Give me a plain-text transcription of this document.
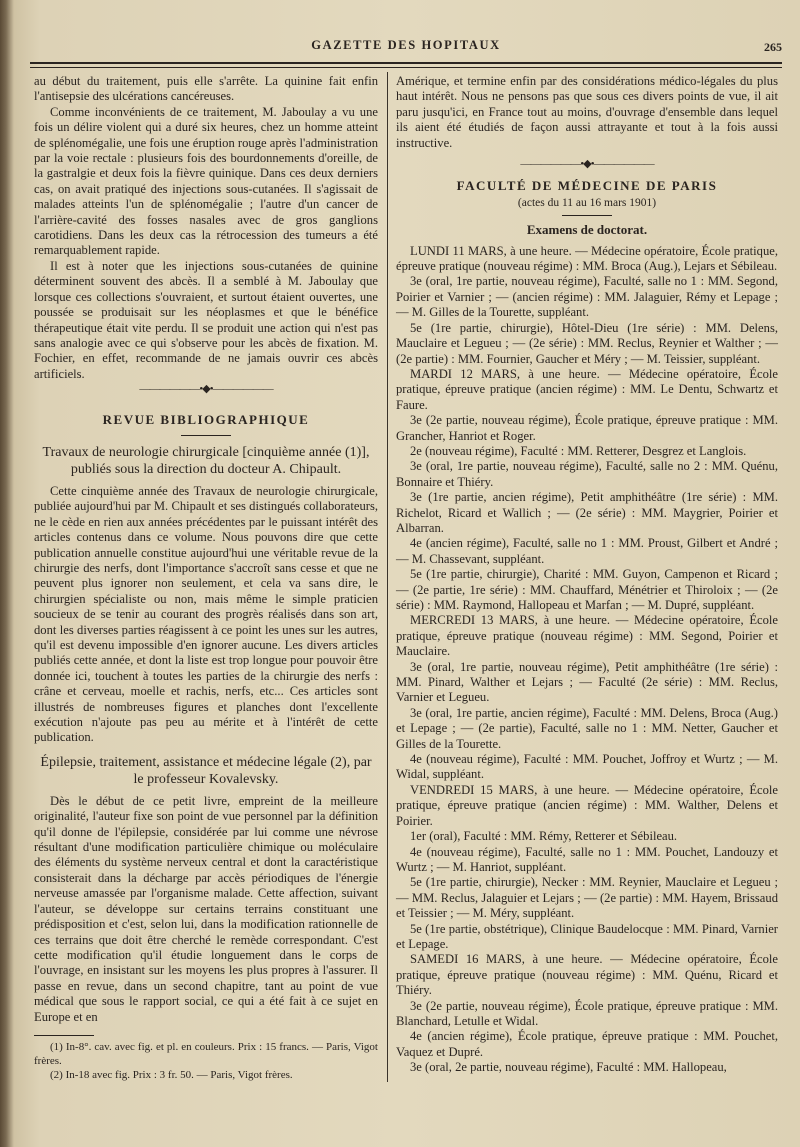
GAZETTE DES HOPITAUX	265

au début du traitement, puis elle s'arrête. La quinine fait enfin l'antisepsie des ulcérations cancéreuses.

Comme inconvénients de ce traitement, M. Jaboulay a vu une fois un délire violent qui a duré six heures, chez un homme atteint de splénomégalie, une fois une éruption rouge après l'administration par la voie rectale : plusieurs fois des bourdonnements d'oreille, de la gastralgie et deux fois la fièvre quinique. Dans ces deux derniers cas, on avait pratiqué des injections sous-cutanées. Il s'agissait de malades atteints l'un de splénomégalie ; l'autre d'un cancer de l'arrière-cavité des fosses nasales avec de gros ganglions carotidiens. Dans les deux cas la rétrocession des tumeurs a été remarquablement rapide.

Il est à noter que les injections sous-cutanées de quinine déterminent souvent des abcès. Il a semblé à M. Jaboulay que lorsque ces collections s'ouvraient, et surtout étaient ouvertes, une poussée se produisait sur les néoplasmes et que le bénéfice thérapeutique était vite perdu. Il se produit une action qui n'est pas sans analogie avec ce qui s'observe pour les abcès de fixation. M. Fochier, en effet, recommande de ne jamais ouvrir ces abcès artificiels.

——————•◆•——————
REVUE BIBLIOGRAPHIQUE
Travaux de neurologie chirurgicale [cinquième année (1)], publiés sous la direction du docteur A. Chipault.

Cette cinquième année des Travaux de neurologie chirurgicale, publiée aujourd'hui par M. Chipault et ses distingués collaborateurs, ne le cède en rien aux années précédentes par le puissant intérêt des articles contenus dans ce volume. Nous pouvons dire que cette publication annuelle constitue aujourd'hui une véritable revue de la chirurgie des nerfs, dont l'importance s'accroît sans cesse et que ne peuvent plus ignorer non seulement, et cela va sans dire, le chirurgien spécialiste ou non, mais même le simple praticien soucieux de se tenir au courant des progrès réalisés dans son art, dont les diverses parties réagissent à ce point les unes sur les autres, qu'il est devenu impossible d'en ignorer aucune. Les divers articles publiés cette année, et dont la liste est trop longue pour pouvoir être donnée ici, touchent à toutes les parties de la chirurgie des nerfs : crâne et cerveau, moelle et rachis, nerfs, etc... Ces articles sont illustrés de nombreuses figures et planches dont l'excellente exécution n'ajoute pas peu au mérite et à l'intérêt de cette publication.

Épilepsie, traitement, assistance et médecine légale (2), par le professeur Kovalevsky.

Dès le début de ce petit livre, empreint de la meilleure originalité, l'auteur fixe son point de vue personnel par la définition qu'il donne de l'épilepsie, considérée par lui comme une névrose résultant d'une modification particulière chimique ou moléculaire des éléments du système nerveux central et dont la caractéristique consisterait dans la décharge par accès périodiques de l'énergie nerveuse amassée par l'organisme malade. Cette affection, suivant l'auteur, se développe sur certains terrains constituant une prédisposition et c'est, selon lui, dans la modification rationnelle de ces terrains que doit être cherché le remède correspondant. C'est cette modification qu'il étudie longuement dans le corps de l'ouvrage, en insistant sur les moyens les plus propres à l'assurer. Il passe en revue, dans un second chapitre, tant au point de vue médical que sous le rapport social, ce qui a été fait à ce sujet en Europe et en

(1) In-8°. cav. avec fig. et pl. en couleurs. Prix : 15 francs. — Paris, Vigot frères.

(2) In-18 avec fig. Prix : 3 fr. 50. — Paris, Vigot frères.

Amérique, et termine enfin par des considérations médico-légales du plus haut intérêt. Nous ne pensons pas que sous ces divers points de vue, il ait paru jusqu'ici, en France tout au moins, d'ouvrage d'ensemble dans lequel ils aient été étudiés de façon aussi attrayante et tout à la fois aussi instructive.

——————•◆•——————
FACULTÉ DE MÉDECINE DE PARIS
(actes du 11 au 16 mars 1901)
Examens de doctorat.

LUNDI 11 MARS, à une heure. — Médecine opératoire, École pratique, épreuve pratique (nouveau régime) : MM. Broca (Aug.), Lejars et Sébileau.

3e (oral, 1re partie, nouveau régime), Faculté, salle no 1 : MM. Segond, Poirier et Varnier ; — (ancien régime) : MM. Jalaguier, Rémy et Lepage ; — M. Gilles de la Tourette, suppléant.

5e (1re partie, chirurgie), Hôtel-Dieu (1re série) : MM. Delens, Mauclaire et Legueu ; — (2e série) : MM. Reclus, Reynier et Walther ; — (2e partie) : MM. Fournier, Gaucher et Méry ; — M. Teissier, suppléant.

MARDI 12 MARS, à une heure. — Médecine opératoire, École pratique, épreuve pratique (ancien régime) : MM. Le Dentu, Schwartz et Faure.

3e (2e partie, nouveau régime), École pratique, épreuve pratique : MM. Grancher, Hanriot et Roger.

2e (nouveau régime), Faculté : MM. Retterer, Desgrez et Langlois.

3e (oral, 1re partie, nouveau régime), Faculté, salle no 2 : MM. Quénu, Bonnaire et Thiéry.

3e (1re partie, ancien régime), Petit amphithéâtre (1re série) : MM. Richelot, Ricard et Wallich ; — (2e série) : MM. Maygrier, Poirier et Albarran.

4e (ancien régime), Faculté, salle no 1 : MM. Proust, Gilbert et André ; — M. Chassevant, suppléant.

5e (1re partie, chirurgie), Charité : MM. Guyon, Campenon et Ricard ; — (2e partie, 1re série) : MM. Chauffard, Ménétrier et Thiroloix ; — (2e série) : MM. Raymond, Hallopeau et Marfan ; — M. Dupré, suppléant.

MERCREDI 13 MARS, à une heure. — Médecine opératoire, École pratique, épreuve pratique (nouveau régime) : MM. Segond, Poirier et Mauclaire.

3e (oral, 1re partie, nouveau régime), Petit amphithéâtre (1re série) : MM. Pinard, Walther et Lejars ; — Faculté (2e série) : MM. Reclus, Varnier et Legueu.

3e (oral, 1re partie, ancien régime), Faculté : MM. Delens, Broca (Aug.) et Lepage ; — (2e partie), Faculté, salle no 1 : MM. Netter, Gaucher et Gilles de la Tourette.

4e (nouveau régime), Faculté : MM. Pouchet, Joffroy et Wurtz ; — M. Widal, suppléant.

VENDREDI 15 MARS, à une heure. — Médecine opératoire, École pratique, épreuve pratique (ancien régime) : MM. Walther, Delens et Poirier.

1er (oral), Faculté : MM. Rémy, Retterer et Sébileau.

4e (nouveau régime), Faculté, salle no 1 : MM. Pouchet, Landouzy et Wurtz ; — M. Hanriot, suppléant.

5e (1re partie, chirurgie), Necker : MM. Reynier, Mauclaire et Legueu ; — MM. Reclus, Jalaguier et Lejars ; — (2e partie) : MM. Hayem, Brissaud et Teissier ; — M. Méry, suppléant.

5e (1re partie, obstétrique), Clinique Baudelocque : MM. Pinard, Varnier et Lepage.

SAMEDI 16 MARS, à une heure. — Médecine opératoire, École pratique, épreuve pratique (nouveau régime) : MM. Quénu, Ricard et Thiéry.

3e (2e partie, nouveau régime), École pratique, épreuve pratique : MM. Blanchard, Letulle et Widal.

4e (ancien régime), École pratique, épreuve pratique : MM. Pouchet, Vaquez et Dupré.

3e (oral, 2e partie, nouveau régime), Faculté : MM. Hallopeau,
